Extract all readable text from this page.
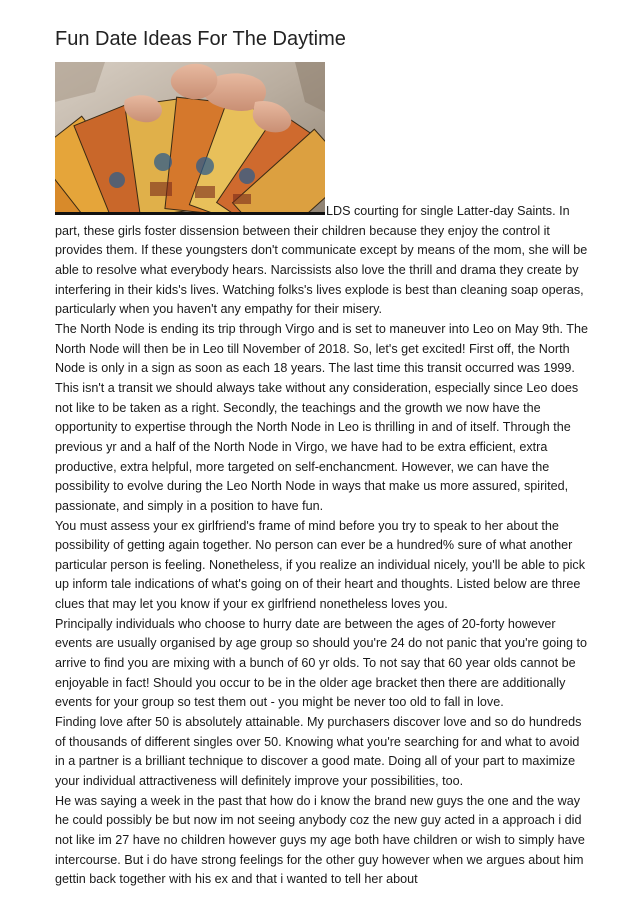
Fun Date Ideas For The Daytime

LDS courting for single Latter-day Saints. In part, these girls foster dissension between their children because they enjoy the control it provides them. If these youngsters don't communicate except by means of the mom, she will be able to resolve what everybody hears. Narcissists also love the thrill and drama they create by interfering in their kids's lives. Watching folks's lives explode is best than cleaning soap operas, particularly when you haven't any empathy for their misery.

The North Node is ending its trip through Virgo and is set to maneuver into Leo on May 9th. The North Node will then be in Leo till November of 2018. So, let's get excited! First off, the North Node is only in a sign as soon as each 18 years. The last time this transit occurred was 1999. This isn't a transit we should always take without any consideration, especially since Leo does not like to be taken as a right. Secondly, the teachings and the growth we now have the opportunity to expertise through the North Node in Leo is thrilling in and of itself. Through the previous yr and a half of the North Node in Virgo, we have had to be extra efficient, extra productive, extra helpful, more targeted on self-enchancment. However, we can have the possibility to evolve during the Leo North Node in ways that make us more assured, spirited, passionate, and simply in a position to have fun.

You must assess your ex girlfriend's frame of mind before you try to speak to her about the possibility of getting again together. No person can ever be a hundred% sure of what another particular person is feeling. Nonetheless, if you realize an individual nicely, you'll be able to pick up inform tale indications of what's going on of their heart and thoughts. Listed below are three clues that may let you know if your ex girlfriend nonetheless loves you.

Principally individuals who choose to hurry date are between the ages of 20-forty however events are usually organised by age group so should you're 24 do not panic that you're going to arrive to find you are mixing with a bunch of 60 yr olds. To not say that 60 year olds cannot be enjoyable in fact! Should you occur to be in the older age bracket then there are additionally events for your group so test them out - you might be never too old to fall in love.

Finding love after 50 is absolutely attainable. My purchasers discover love and so do hundreds of thousands of different singles over 50. Knowing what you're searching for and what to avoid in a partner is a brilliant technique to discover a good mate. Doing all of your part to maximize your individual attractiveness will definitely improve your possibilities, too.

He was saying a week in the past that how do i know the brand new guys the one and the way he could possibly be but now im not seeing anybody coz the new guy acted in a approach i did not like im 27 have no children however guys my age both have children or wish to simply have intercourse. But i do have strong feelings for the other guy however when we argues about him gettin back together with his ex and that i wanted to tell her about
